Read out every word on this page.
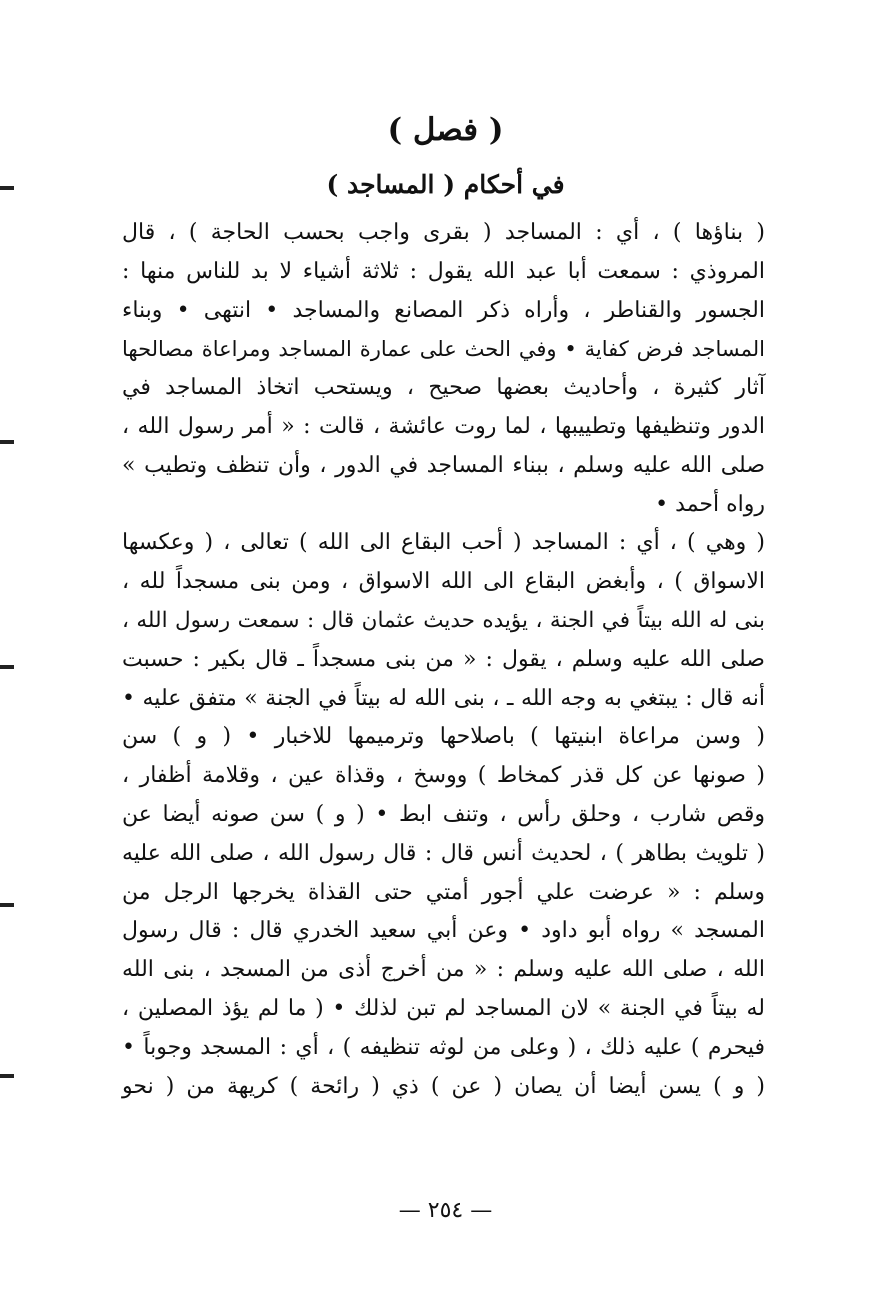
( فصل )
في أحكام ( المساجد )

( بناؤها ) ، أي : المساجد ( بقرى واجب بحسب الحاجة ) ، قال
المروذي : سمعت أبا عبد الله يقول : ثلاثة أشياء لا بد للناس منها :
الجسور والقناطر ، وأراه ذكر المصانع والمساجد • انتهى • وبناء
المساجد فرض كفاية • وفي الحث على عمارة المساجد ومراعاة مصالحها
آثار كثيرة ، وأحاديث بعضها صحيح ، ويستحب اتخاذ المساجد في
الدور وتنظيفها وتطييبها ، لما روت عائشة ، قالت : « أمر رسول الله ،
صلى الله عليه وسلم ، ببناء المساجد في الدور ، وأن تنظف وتطيب »
رواه أحمد •

( وهي ) ، أي : المساجد ( أحب البقاع الى الله ) تعالى ، ( وعكسها
الاسواق ) ، وأبغض البقاع الى الله الاسواق ، ومن بنى مسجداً لله ،
بنى له الله بيتاً في الجنة ، يؤيده حديث عثمان قال : سمعت رسول الله ،
صلى الله عليه وسلم ، يقول : « من بنى مسجداً ـ قال بكير : حسبت
أنه قال : يبتغي به وجه الله ـ ، بنى الله له بيتاً في الجنة » متفق عليه •
( وسن مراعاة ابنيتها ) باصلاحها وترميمها للاخبار • ( و ) سن
( صونها عن كل قذر كمخاط ) ووسخ ، وقذاة عين ، وقلامة أظفار ،
وقص شارب ، وحلق رأس ، وتنف ابط • ( و ) سن صونه أيضا عن
( تلويث بطاهر ) ، لحديث أنس قال : قال رسول الله ، صلى الله عليه
وسلم : « عرضت علي أجور أمتي حتى القذاة يخرجها الرجل من
المسجد » رواه أبو داود • وعن أبي سعيد الخدري قال : قال رسول
الله ، صلى الله عليه وسلم : « من أخرج أذى من المسجد ، بنى الله
له بيتاً في الجنة » لان المساجد لم تبن لذلك • ( ما لم يؤذ المصلين ،
فيحرم ) عليه ذلك ، ( وعلى من لوثه تنظيفه ) ، أي : المسجد وجوباً •
( و ) يسن أيضا أن يصان ( عن ) ذي ( رائحة ) كريهة من ( نحو

— ٢٥٤ —
